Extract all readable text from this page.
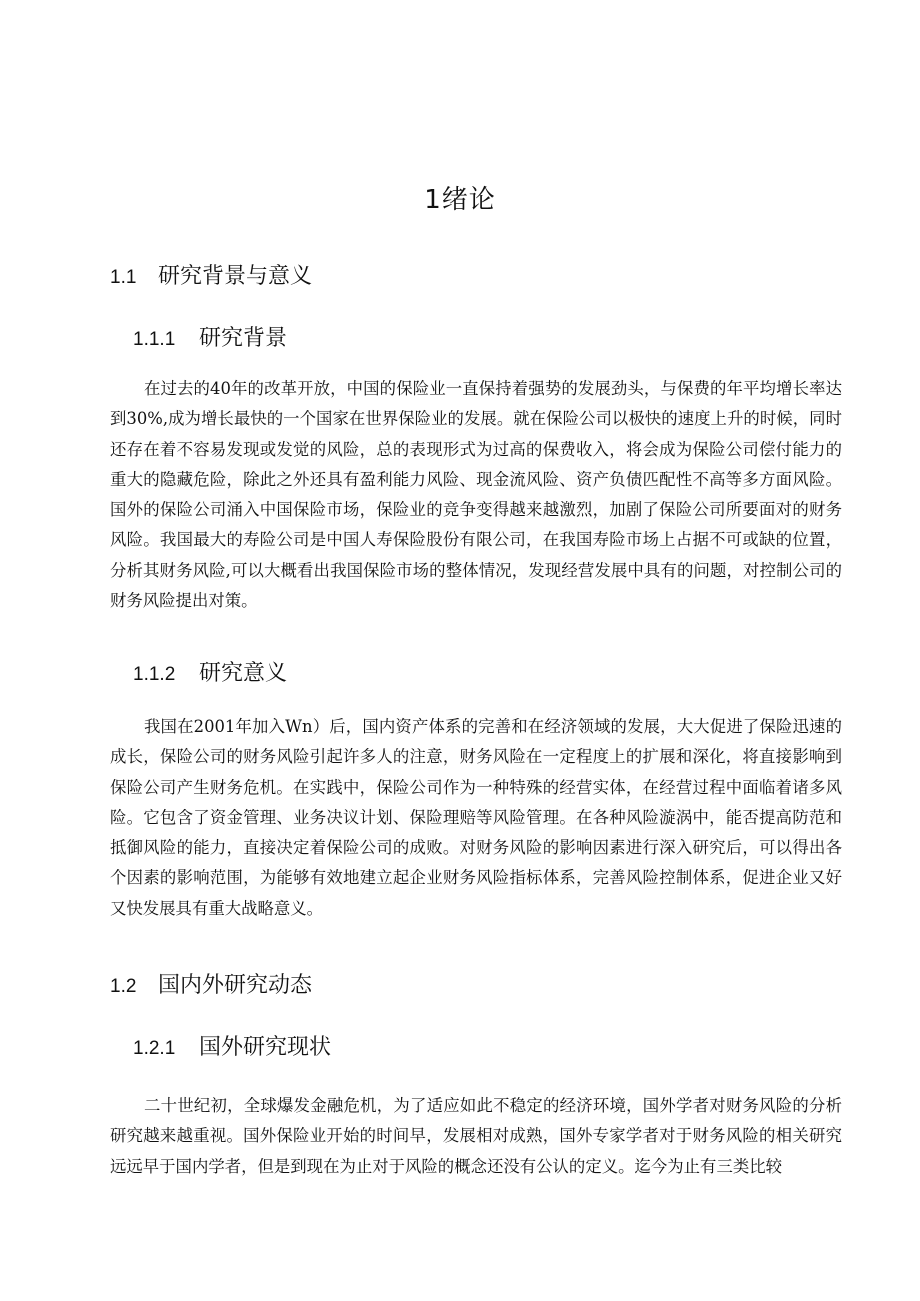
1绪论
1.1 研究背景与意义
1.1.1 研究背景

在过去的40年的改革开放，中国的保险业一直保持着强势的发展劲头，与保费的年平均增长率达到30%,成为增长最快的一个国家在世界保险业的发展。就在保险公司以极快的速度上升的时候，同时还存在着不容易发现或发觉的风险，总的表现形式为过高的保费收入，将会成为保险公司偿付能力的重大的隐藏危险，除此之外还具有盈利能力风险、现金流风险、资产负债匹配性不高等多方面风险。国外的保险公司涌入中国保险市场，保险业的竞争变得越来越激烈，加剧了保险公司所要面对的财务风险。我国最大的寿险公司是中国人寿保险股份有限公司，在我国寿险市场上占据不可或缺的位置，分析其财务风险,可以大概看出我国保险市场的整体情况，发现经营发展中具有的问题，对控制公司的财务风险提出对策。

1.1.2 研究意义

我国在2001年加入Wn）后，国内资产体系的完善和在经济领域的发展，大大促进了保险迅速的成长，保险公司的财务风险引起许多人的注意，财务风险在一定程度上的扩展和深化，将直接影响到保险公司产生财务危机。在实践中，保险公司作为一种特殊的经营实体，在经营过程中面临着诸多风险。它包含了资金管理、业务决议计划、保险理赔等风险管理。在各种风险漩涡中，能否提高防范和抵御风险的能力，直接决定着保险公司的成败。对财务风险的影响因素进行深入研究后，可以得出各个因素的影响范围，为能够有效地建立起企业财务风险指标体系，完善风险控制体系，促进企业又好又快发展具有重大战略意义。

1.2 国内外研究动态
1.2.1 国外研究现状

二十世纪初，全球爆发金融危机，为了适应如此不稳定的经济环境，国外学者对财务风险的分析研究越来越重视。国外保险业开始的时间早，发展相对成熟，国外专家学者对于财务风险的相关研究远远早于国内学者，但是到现在为止对于风险的概念还没有公认的定义。迄今为止有三类比较
